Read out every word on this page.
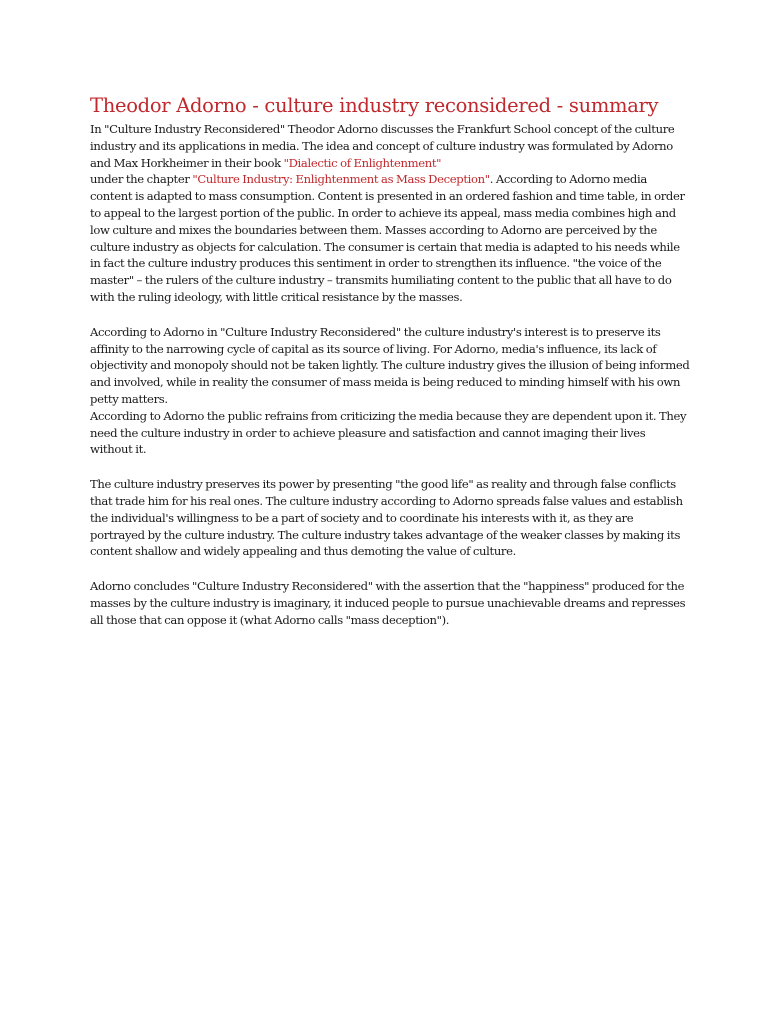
Theodor Adorno - culture industry reconsidered - summary

In "Culture Industry Reconsidered" Theodor Adorno discusses the Frankfurt School concept of the culture industry and its applications in media. The idea and concept of culture industry was formulated by Adorno and Max Horkheimer in their book "Dialectic of Enlightenment"
under the chapter "Culture Industry: Enlightenment as Mass Deception". According to Adorno media content is adapted to mass consumption. Content is presented in an ordered fashion and time table, in order to appeal to the largest portion of the public. In order to achieve its appeal, mass media combines high and low culture and mixes the boundaries between them. Masses according to Adorno are perceived by the culture industry as objects for calculation. The consumer is certain that media is adapted to his needs while in fact the culture industry produces this sentiment in order to strengthen its influence. "the voice of the master" – the rulers of the culture industry – transmits humiliating content to the public that all have to do with the ruling ideology, with little critical resistance by the masses.

According to Adorno in "Culture Industry Reconsidered" the culture industry's interest is to preserve its affinity to the narrowing cycle of capital as its source of living. For Adorno, media's influence, its lack of objectivity and monopoly should not be taken lightly. The culture industry gives the illusion of being informed and involved, while in reality the consumer of mass meida is being reduced to minding himself with his own petty matters.

According to Adorno the public refrains from criticizing the media because they are dependent upon it. They need the culture industry in order to achieve pleasure and satisfaction and cannot imaging their lives without it.

The culture industry preserves its power by presenting "the good life" as reality and through false conflicts that trade him for his real ones. The culture industry according to Adorno spreads false values and establish the individual's willingness to be a part of society and to coordinate his interests with it, as they are portrayed by the culture industry. The culture industry takes advantage of the weaker classes by making its content shallow and widely appealing and thus demoting the value of culture.

Adorno concludes "Culture Industry Reconsidered" with the assertion that the "happiness" produced for the masses by the culture industry is imaginary, it induced people to pursue unachievable dreams and represses all those that can oppose it (what Adorno calls "mass deception").
